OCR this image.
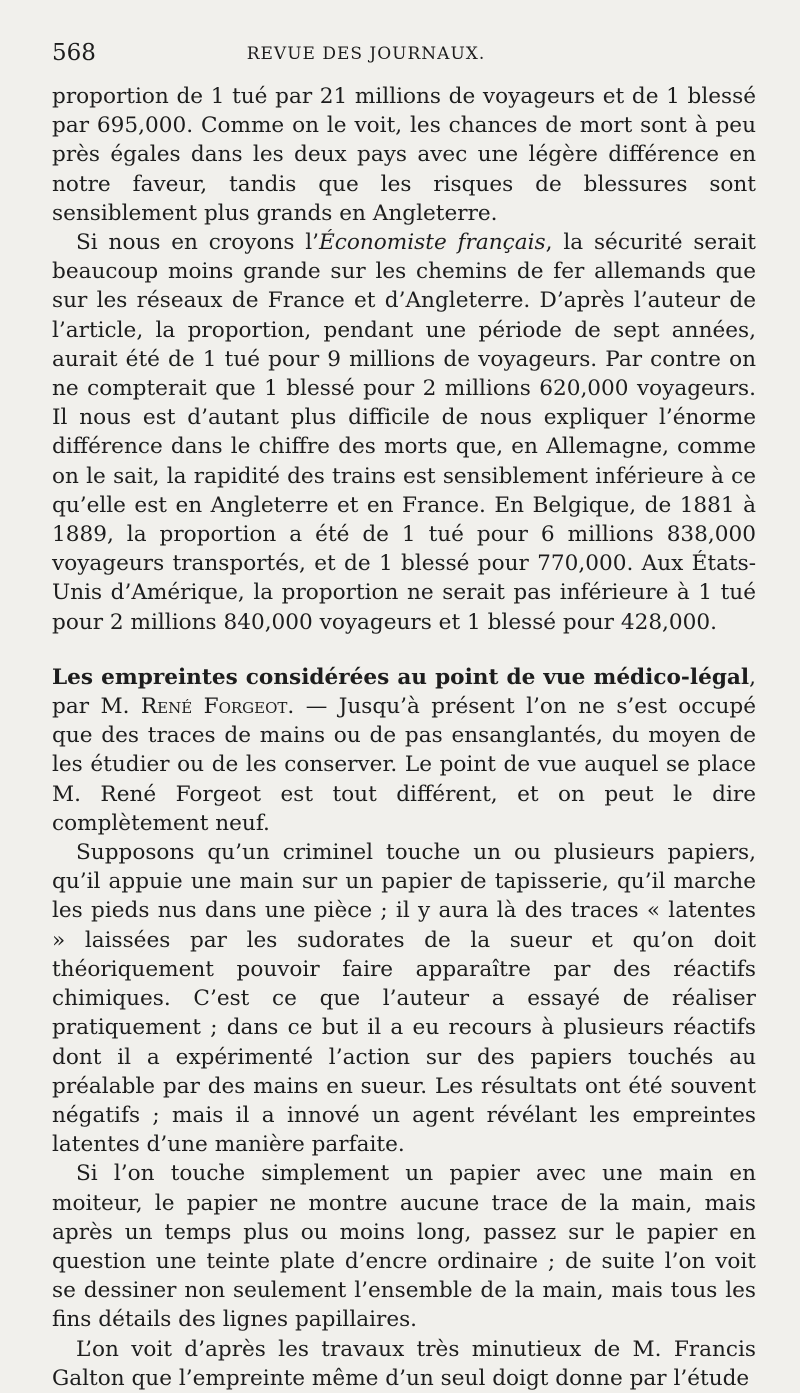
568	REVUE DES JOURNAUX.

proportion de 1 tué par 21 millions de voyageurs et de 1 blessé par 695,000. Comme on le voit, les chances de mort sont à peu près égales dans les deux pays avec une légère différence en notre faveur, tandis que les risques de blessures sont sensiblement plus grands en Angleterre.

Si nous en croyons l’Économiste français, la sécurité serait beaucoup moins grande sur les chemins de fer allemands que sur les réseaux de France et d’Angleterre. D’après l’auteur de l’article, la proportion, pendant une période de sept années, aurait été de 1 tué pour 9 millions de voyageurs. Par contre on ne compterait que 1 blessé pour 2 millions 620,000 voyageurs. Il nous est d’autant plus difficile de nous expliquer l’énorme différence dans le chiffre des morts que, en Allemagne, comme on le sait, la rapidité des trains est sensiblement inférieure à ce qu’elle est en Angleterre et en France. En Belgique, de 1881 à 1889, la proportion a été de 1 tué pour 6 millions 838,000 voyageurs transportés, et de 1 blessé pour 770,000. Aux États-Unis d’Amérique, la proportion ne serait pas inférieure à 1 tué pour 2 millions 840,000 voyageurs et 1 blessé pour 428,000.

Les empreintes considérées au point de vue médico-légal, par M. René Forgeot. — Jusqu’à présent l’on ne s’est occupé que des traces de mains ou de pas ensanglantés, du moyen de les étudier ou de les conserver. Le point de vue auquel se place M. René Forgeot est tout différent, et on peut le dire complètement neuf.

Supposons qu’un criminel touche un ou plusieurs papiers, qu’il appuie une main sur un papier de tapisserie, qu’il marche les pieds nus dans une pièce ; il y aura là des traces « latentes » laissées par les sudorates de la sueur et qu’on doit théoriquement pouvoir faire apparaître par des réactifs chimiques. C’est ce que l’auteur a essayé de réaliser pratiquement ; dans ce but il a eu recours à plusieurs réactifs dont il a expérimenté l’action sur des papiers touchés au préalable par des mains en sueur. Les résultats ont été souvent négatifs ; mais il a innové un agent révélant les empreintes latentes d’une manière parfaite.

Si l’on touche simplement un papier avec une main en moiteur, le papier ne montre aucune trace de la main, mais après un temps plus ou moins long, passez sur le papier en question une teinte plate d’encre ordinaire ; de suite l’on voit se dessiner non seulement l’ensemble de la main, mais tous les fins détails des lignes papillaires.

L’on voit d’après les travaux très minutieux de M. Francis Galton que l’empreinte même d’un seul doigt donne par l’étude
